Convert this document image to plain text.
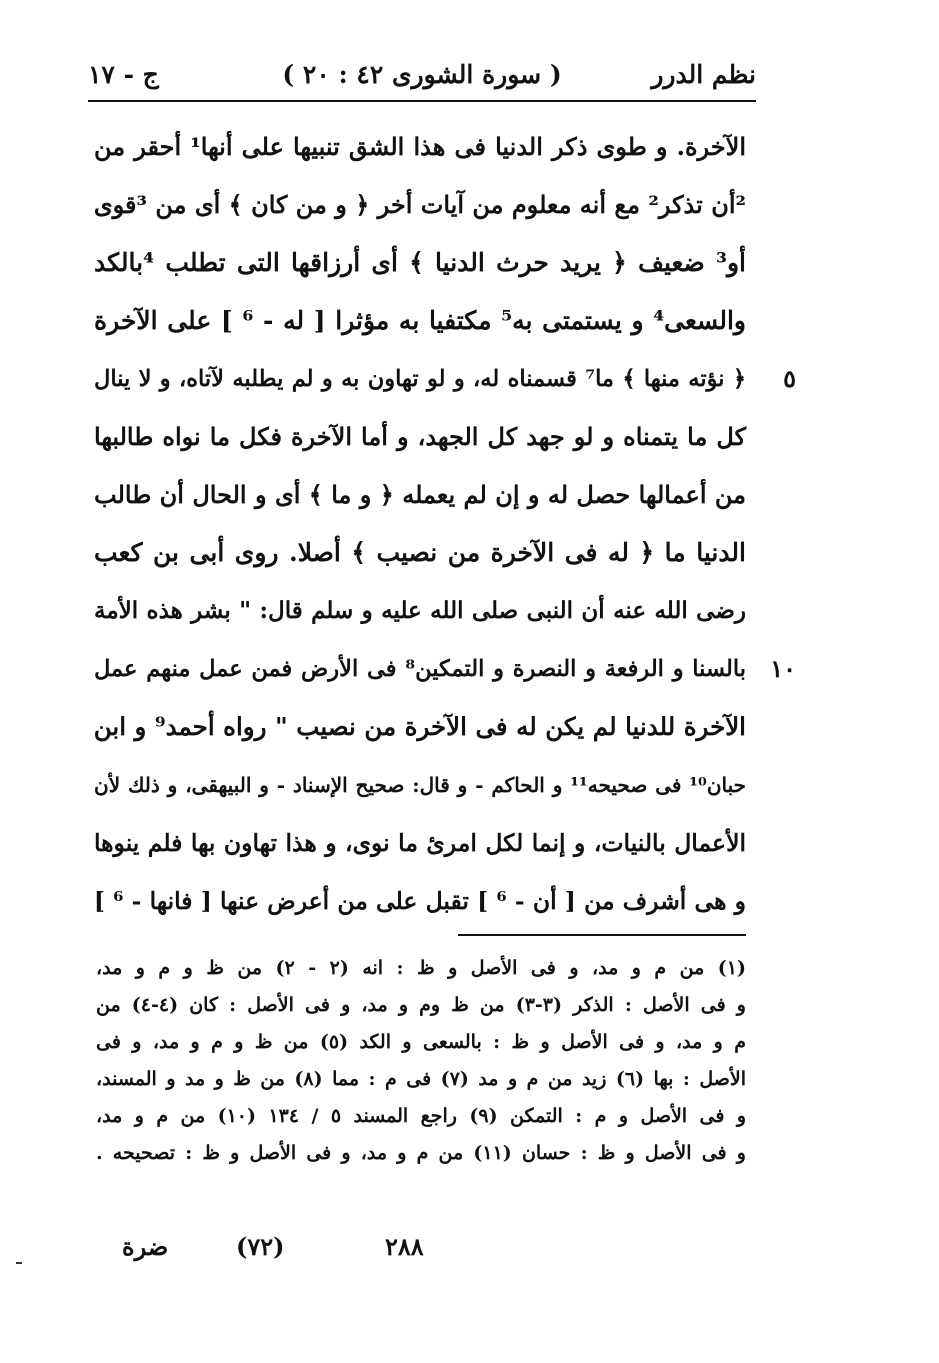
نظم الدرر
( سورة الشورى ٤٢ : ٢٠ )
ج - ١٧
الآخرة. و طوى ذكر الدنيا فى هذا الشق تنبيها على أنها¹ أحقر من
²أن تذكر² مع أنه معلوم من آيات أخر ﴿ و من كان ﴾ أى من ³قوى
أو³ ضعيف ﴿ يريد حرث الدنيا ﴾ أى أرزاقها التى تطلب ⁴بالكد
والسعى⁴ و يستمتى به⁵ مكتفيا به مؤثرا [ له - ⁶ ] على الآخرة
٥
﴿ نؤته منها ﴾ ما⁷ قسمناه له، و لو تهاون به و لم يطلبه لآتاه، و لا ينال
كل ما يتمناه و لو جهد كل الجهد، و أما الآخرة فكل ما نواه طالبها
من أعمالها حصل له و إن لم يعمله ﴿ و ما ﴾ أى و الحال أن طالب
الدنيا ما ﴿ له فى الآخرة من نصيب ﴾ أصلا. روى أبى بن كعب
رضى الله عنه أن النبى صلى الله عليه و سلم قال: " بشر هذه الأمة
١٠
بالسنا و الرفعة و النصرة و التمكين⁸ فى الأرض فمن عمل منهم عمل
الآخرة للدنيا لم يكن له فى الآخرة من نصيب " رواه أحمد⁹ و ابن
حبان¹⁰ فى صحيحه¹¹ و الحاكم - و قال: صحيح الإسناد - و البيهقى، و ذلك لأن
الأعمال بالنيات، و إنما لكل امرئ ما نوى، و هذا تهاون بها فلم ينوها
و هى أشرف من [ أن - ⁶ ] تقبل على من أعرض عنها [ فانها - ⁶ ]
(١) من م و مد، و فى الأصل و ظ : انه (٢ - ٢) من ظ و م و مد،
و فى الأصل : الذكر (٣-٣) من ظ وم و مد، و فى الأصل : كان (٤-٤) من
م و مد، و فى الأصل و ظ : بالسعى و الكد (٥) من ظ و م و مد، و فى
الأصل : بها (٦) زيد من م و مد (٧) فى م : مما (٨) من ظ و مد و المسند،
و فى الأصل و م : التمكن (٩) راجع المسند ٥ / ١٣٤ (١٠) من م و مد،
و فى الأصل و ظ : حسان (١١) من م و مد، و فى الأصل و ظ : تصحيحه .
٢٨٨
(٧٢)
ضرة
